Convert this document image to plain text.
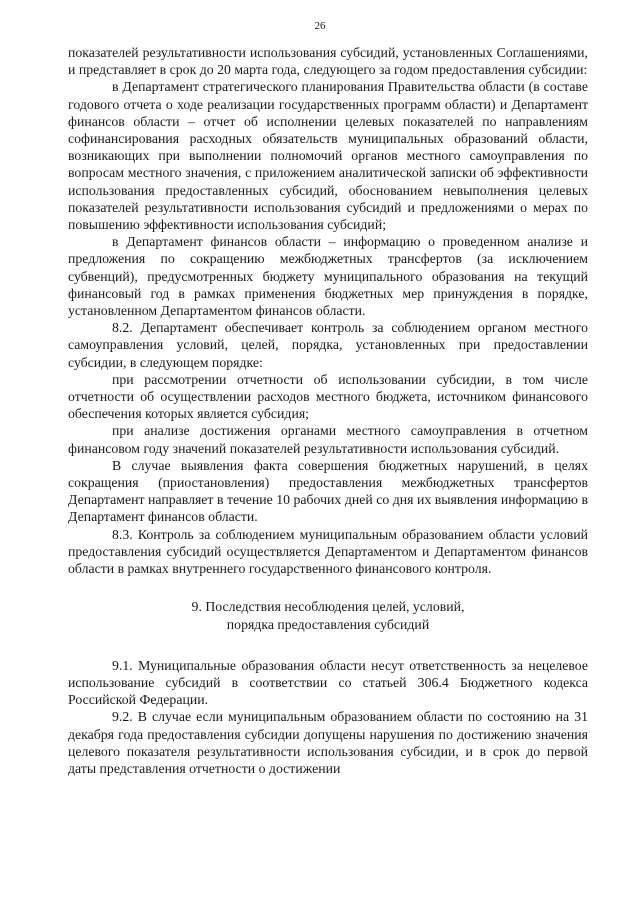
26

показателей результативности использования субсидий, установленных Соглашениями, и представляет в срок до 20 марта года, следующего за годом предоставления субсидии:

в Департамент стратегического планирования Правительства области (в составе годового отчета о ходе реализации государственных программ области) и Департамент финансов области – отчет об исполнении целевых показателей по направлениям софинансирования расходных обязательств муниципальных образований области, возникающих при выполнении полномочий органов местного самоуправления по вопросам местного значения, с приложением аналитической записки об эффективности использования предоставленных субсидий, обоснованием невыполнения целевых показателей результативности использования субсидий и предложениями о мерах по повышению эффективности использования субсидий;

в Департамент финансов области – информацию о проведенном анализе и предложения по сокращению межбюджетных трансфертов (за исключением субвенций), предусмотренных бюджету муниципального образования на текущий финансовый год в рамках применения бюджетных мер принуждения в порядке, установленном Департаментом финансов области.

8.2. Департамент обеспечивает контроль за соблюдением органом местного самоуправления условий, целей, порядка, установленных при предоставлении субсидии, в следующем порядке:

при рассмотрении отчетности об использовании субсидии, в том числе отчетности об осуществлении расходов местного бюджета, источником финансового обеспечения которых является субсидия;

при анализе достижения органами местного самоуправления в отчетном финансовом году значений показателей результативности использования субсидий.

В случае выявления факта совершения бюджетных нарушений, в целях сокращения (приостановления) предоставления межбюджетных трансфертов Департамент направляет в течение 10 рабочих дней со дня их выявления информацию в Департамент финансов области.

8.3. Контроль за соблюдением муниципальным образованием области условий предоставления субсидий осуществляется Департаментом и Департаментом финансов области в рамках внутреннего государственного финансового контроля.

9. Последствия несоблюдения целей, условий,
порядка предоставления субсидий

9.1. Муниципальные образования области несут ответственность за нецелевое использование субсидий в соответствии со статьей 306.4 Бюджетного кодекса Российской Федерации.

9.2. В случае если муниципальным образованием области по состоянию на 31 декабря года предоставления субсидии допущены нарушения по достижению значения целевого показателя результативности использования субсидии, и в срок до первой даты представления отчетности о достижении
